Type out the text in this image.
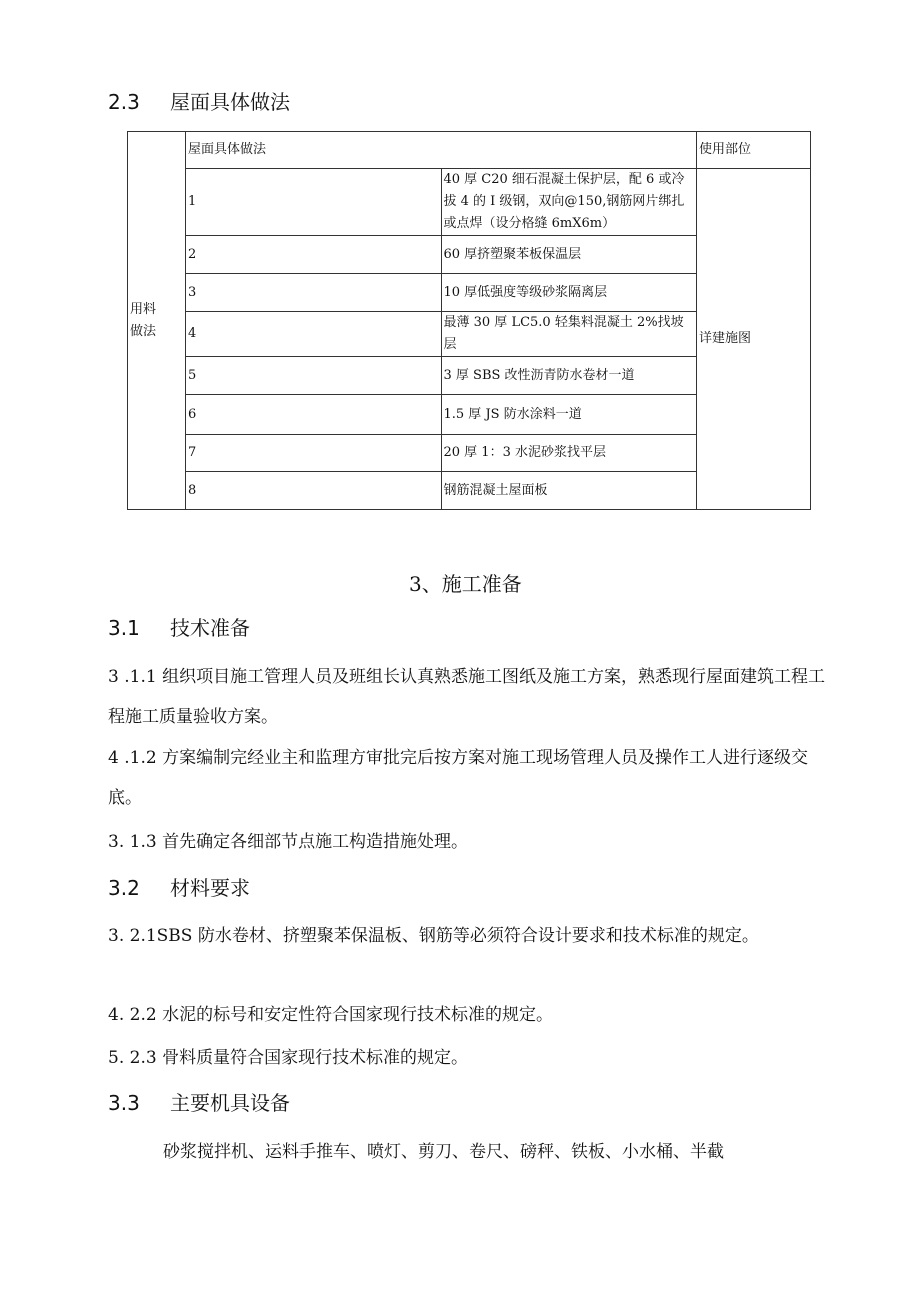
2.3 屋面具体做法
用料
做法	屋面具体做法		使用部位
	1	40 厚 C20 细石混凝土保护层，配 6 或冷拔 4 的 I 级钢，双向@150,钢筋网片绑扎或点焊（设分格缝 6mX6m）	详建施图
	2	60 厚挤塑聚苯板保温层	
	3	10 厚低强度等级砂浆隔离层	
	4	最薄 30 厚 LC5.0 轻集料混凝土 2%找坡层	
	5	3 厚 SBS 改性沥青防水卷材一道	
	6	1.5 厚 JS 防水涂料一道	
	7	20 厚 1：3 水泥砂浆找平层	
	8	钢筋混凝土屋面板	
3、施工准备
3.1 技术准备
3 .1.1 组织项目施工管理人员及班组长认真熟悉施工图纸及施工方案，熟悉现行屋面建筑工程工程施工质量验收方案。
4 .1.2 方案编制完经业主和监理方审批完后按方案对施工现场管理人员及操作工人进行逐级交底。
3. 1.3 首先确定各细部节点施工构造措施处理。
3.2 材料要求
3. 2.1SBS 防水卷材、挤塑聚苯保温板、钢筋等必须符合设计要求和技术标准的规定。
4. 2.2 水泥的标号和安定性符合国家现行技术标准的规定。
5. 2.3 骨料质量符合国家现行技术标准的规定。
3.3 主要机具设备
砂浆搅拌机、运料手推车、喷灯、剪刀、卷尺、磅秤、铁板、小水桶、半截
